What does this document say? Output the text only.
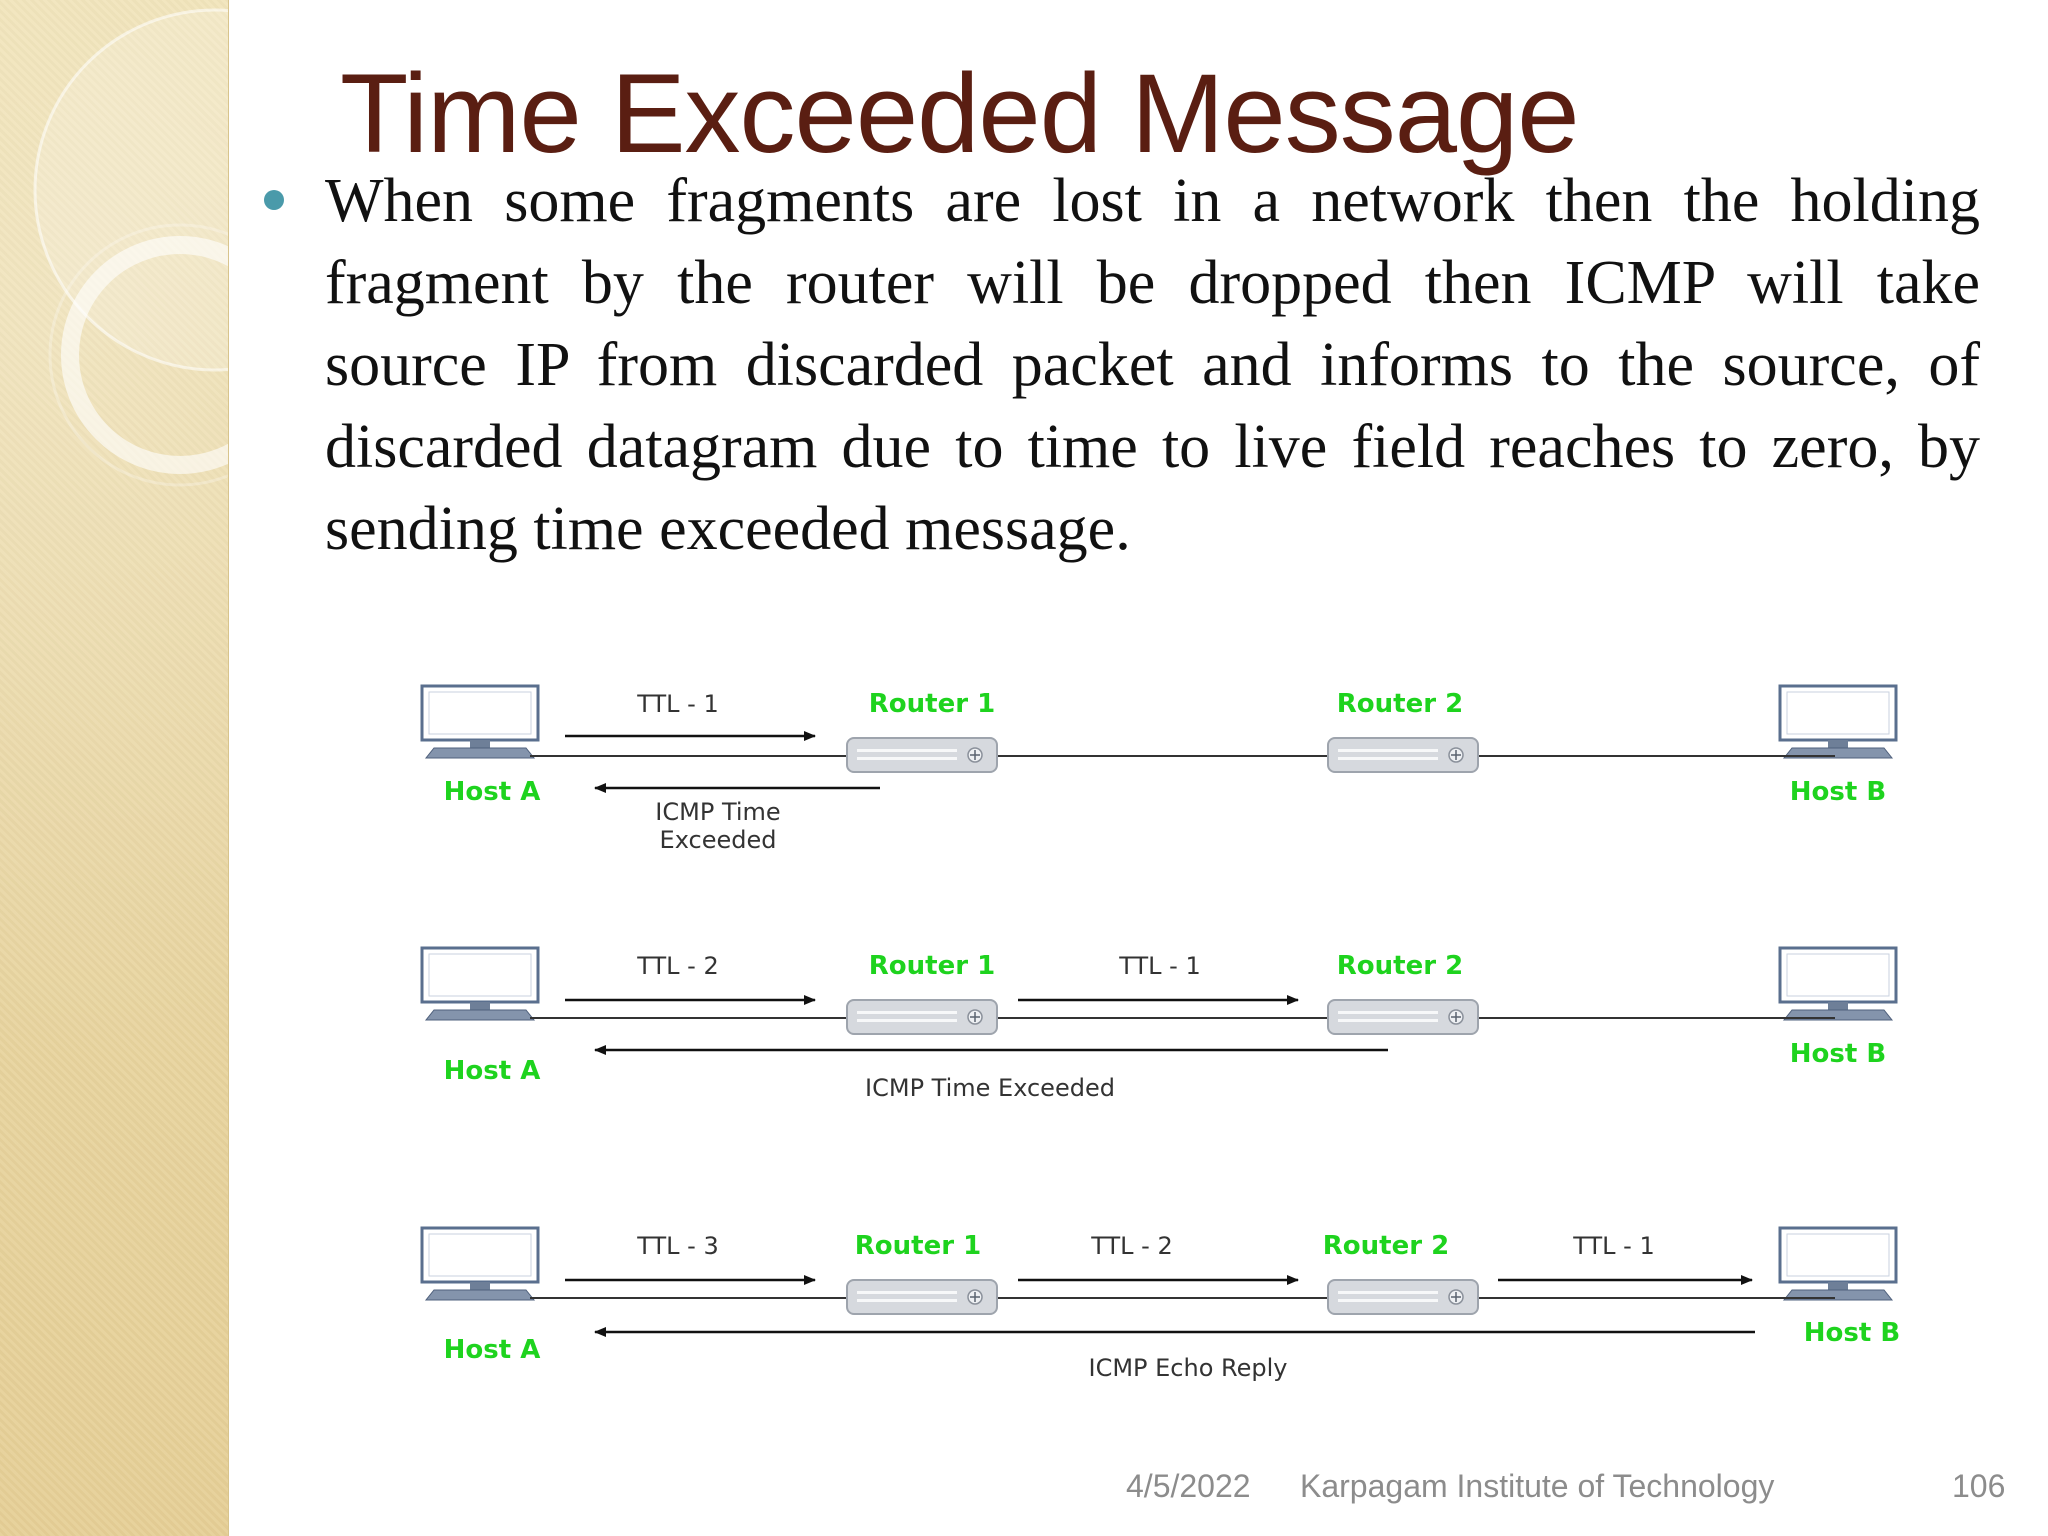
Time Exceeded Message
When some fragments are lost in a network then the holding fragment by the router will be dropped then ICMP will take source IP from discarded packet and informs to the source, of discarded datagram due to time to live field reaches to zero, by sending time exceeded message.
TTL - 1	Router 1	Router 2
Host A	Host B
ICMP Time
Exceeded
TTL - 2	TTL - 1
Router 1	Router 2
Host A
Host B
ICMP Time Exceeded
TTL - 3	TTL - 2	TTL - 1
Router 1	Router 2
Host A
Host B
ICMP Echo Reply
4/5/2022 Karpagam Institute of Technology	106
